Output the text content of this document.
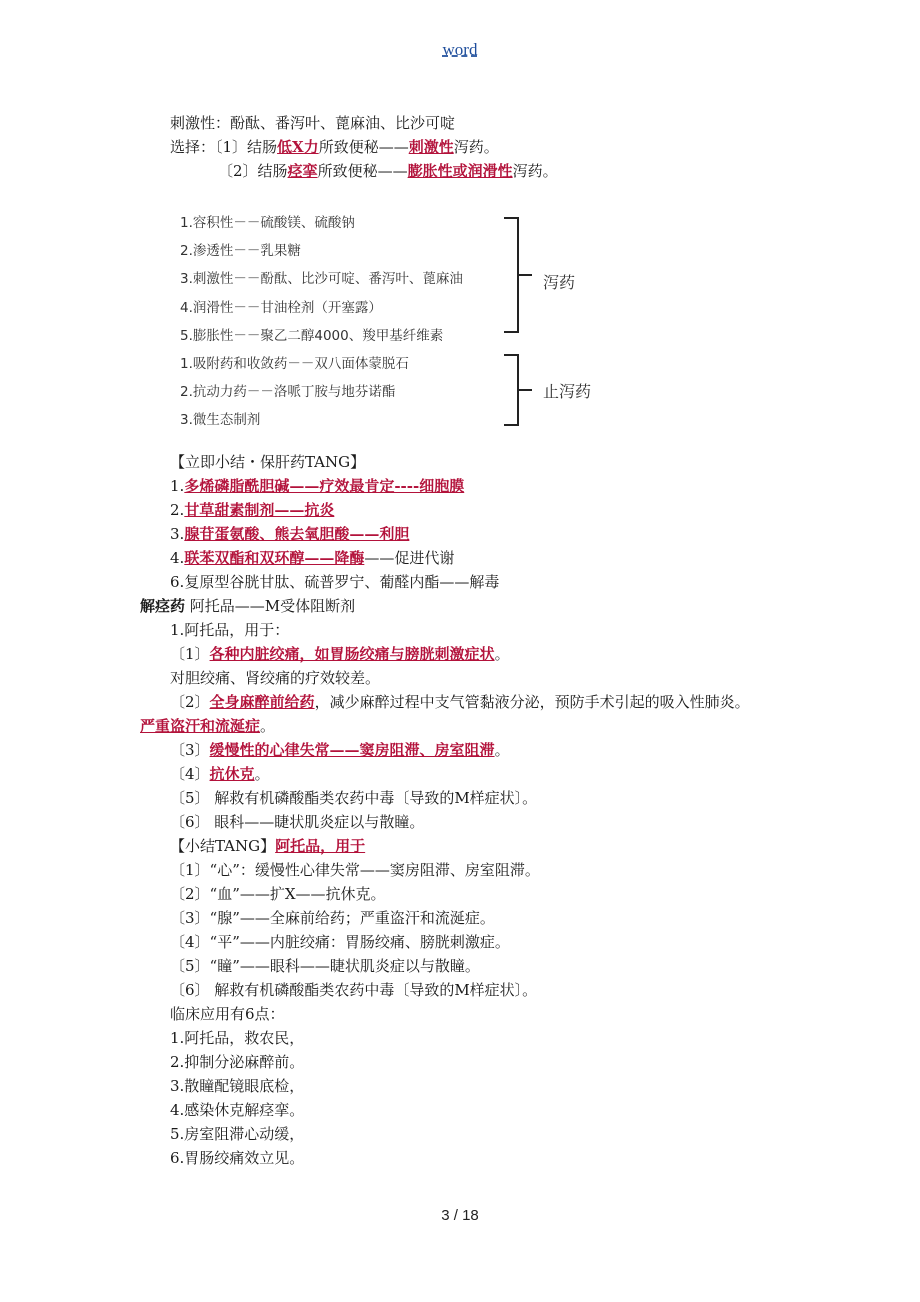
word
刺激性：酚酞、番泻叶、蓖麻油、比沙可啶
选择：〔1〕结肠低X力所致便秘——刺激性泻药。
〔2〕结肠痉挛所致便秘——膨胀性或润滑性泻药。
1.容积性－－硫酸镁、硫酸钠
2.渗透性－－乳果糖
3.刺激性－－酚酞、比沙可啶、番泻叶、蓖麻油
4.润滑性－－甘油栓剂（开塞露）
5.膨胀性－－聚乙二醇4000、羧甲基纤维素
泻药
1.吸附药和收敛药－－双八面体蒙脱石
2.抗动力药－－洛哌丁胺与地芬诺酯
3.微生态制剂
止泻药
【立即小结・保肝药TANG】
1.多烯磷脂酰胆碱——疗效最肯定----细胞膜
2.甘草甜素制剂——抗炎
3.腺苷蛋氨酸、熊去氧胆酸——利胆
4.联苯双酯和双环醇——降酶——促进代谢
6.复原型谷胱甘肽、硫普罗宁、葡醛内酯——解毒
解痉药 阿托品——M受体阻断剂
1.阿托品，用于：
〔1〕各种内脏绞痛，如胃肠绞痛与膀胱刺激症状。
对胆绞痛、肾绞痛的疗效较差。
〔2〕全身麻醉前给药，减少麻醉过程中支气管黏液分泌，预防手术引起的吸入性肺炎。
严重盗汗和流涎症。
〔3〕缓慢性的心律失常——窦房阻滞、房室阻滞。
〔4〕抗休克。
〔5〕 解救有机磷酸酯类农药中毒〔导致的M样症状〕。
〔6〕 眼科——睫状肌炎症以与散瞳。
【小结TANG】阿托品，用于
〔1〕“心”：缓慢性心律失常——窦房阻滞、房室阻滞。
〔2〕“血”——扩X——抗休克。
〔3〕“腺”——全麻前给药；严重盗汗和流涎症。
〔4〕“平”——内脏绞痛：胃肠绞痛、膀胱刺激症。
〔5〕“瞳”——眼科——睫状肌炎症以与散瞳。
〔6〕 解救有机磷酸酯类农药中毒〔导致的M样症状〕。
临床应用有6点：
1.阿托品，救农民，
2.抑制分泌麻醉前。
3.散瞳配镜眼底检，
4.感染休克解痉挛。
5.房室阻滞心动缓，
6.胃肠绞痛效立见。
3 / 18
